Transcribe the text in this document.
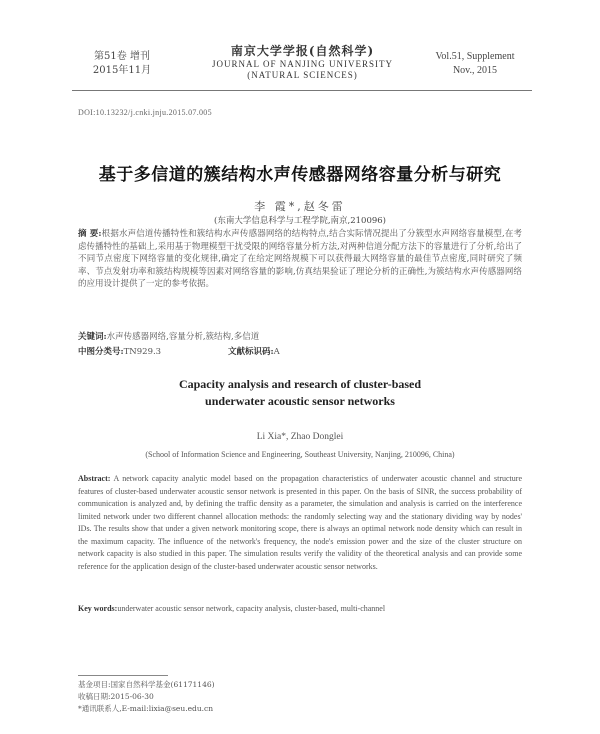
第51卷 增刊
2015年11月
南京大学学报(自然科学)
JOURNAL OF NANJING UNIVERSITY
(NATURAL SCIENCES)
Vol.51, Supplement
Nov., 2015
DOI:10.13232/j.cnki.jnju.2015.07.005
基于多信道的簇结构水声传感器网络容量分析与研究
李 霞*,赵冬雷
(东南大学信息科学与工程学院,南京,210096)
摘 要:根据水声信道传播特性和簇结构水声传感器网络的结构特点,结合实际情况提出了分簇型水声网络容量模型,在考虑传播特性的基础上,采用基于物理模型干扰受限的网络容量分析方法,对两种信道分配方法下的容量进行了分析,给出了不同节点密度下网络容量的变化规律,确定了在给定网络规模下可以获得最大网络容量的最佳节点密度,同时研究了频率、节点发射功率和簇结构规模等因素对网络容量的影响,仿真结果验证了理论分析的正确性,为簇结构水声传感器网络的应用设计提供了一定的参考依据。
关键词:水声传感器网络,容量分析,簇结构,多信道
中图分类号:TN929.3	文献标识码:A
Capacity analysis and research of cluster-based
underwater acoustic sensor networks
Li Xia*, Zhao Donglei
(School of Information Science and Engineering, Southeast University, Nanjing, 210096, China)
Abstract: A network capacity analytic model based on the propagation characteristics of underwater acoustic channel and structure features of cluster-based underwater acoustic sensor network is presented in this paper. On the basis of SINR, the success probability of communication is analyzed and, by defining the traffic density as a parameter, the simulation and analysis is carried on the interference limited network under two different channel allocation methods: the randomly selecting way and the stationary dividing way by nodes' IDs. The results show that under a given network monitoring scope, there is always an optimal network node density which can result in the maximum capacity. The influence of the network's frequency, the node's emission power and the size of the cluster structure on network capacity is also studied in this paper. The simulation results verify the validity of the theoretical analysis and can provide some reference for the application design of the cluster-based underwater acoustic sensor networks.
Key words:underwater acoustic sensor network, capacity analysis, cluster-based, multi-channel
基金项目:国家自然科学基金(61171146)
收稿日期:2015-06-30
*通讯联系人,E-mail:lixia@seu.edu.cn
